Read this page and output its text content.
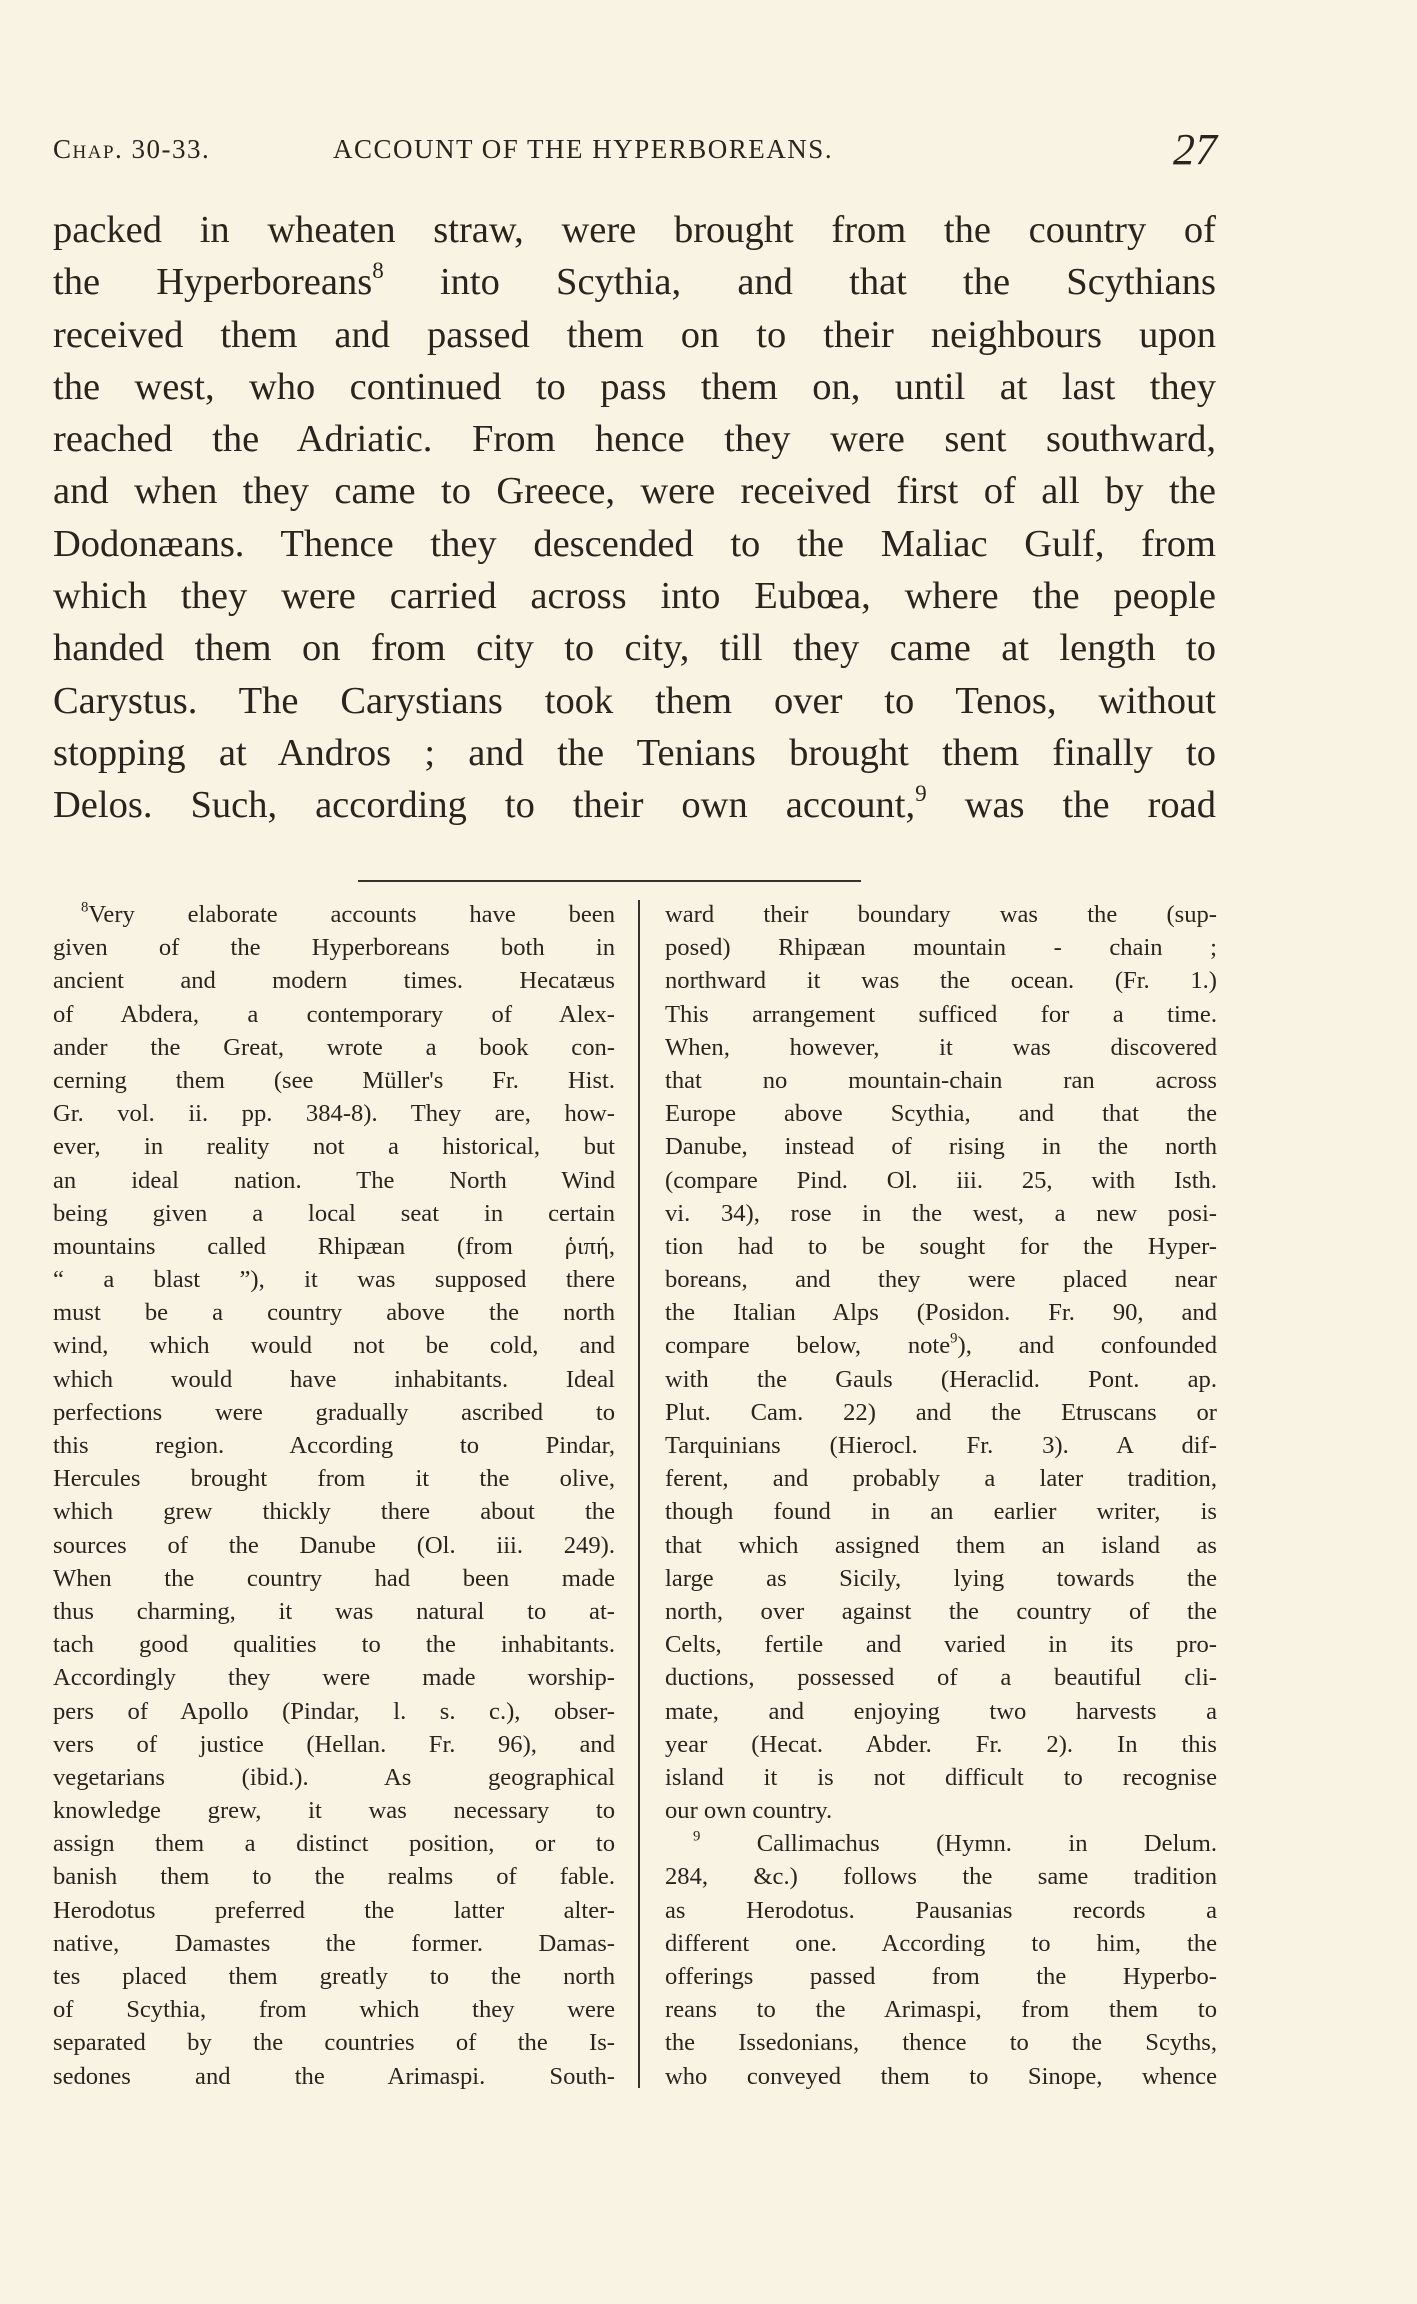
Chap. 30-33.	ACCOUNT OF THE HYPERBOREANS.	27
packed in wheaten straw, were brought from the country of
the Hyperboreans$^8$ into Scythia, and that the Scythians
received them and passed them on to their neighbours upon
the west, who continued to pass them on, until at last they
reached the Adriatic. From hence they were sent southward,
and when they came to Greece, were received first of all by the
Dodonæans. Thence they descended to the Maliac Gulf, from
which they were carried across into Eubœa, where the people
handed them on from city to city, till they came at length to
Carystus. The Carystians took them over to Tenos, without
stopping at Andros ; and the Tenians brought them finally to
Delos. Such, according to their own account,$^9$ was the road
$^8$Very elaborate accounts have been
given of the Hyperboreans both in
ancient and modern times. Hecatæus
of Abdera, a contemporary of Alex-
ander the Great, wrote a book con-
cerning them (see Müller's Fr. Hist.
Gr. vol. ii. pp. 384-8). They are, how-
ever, in reality not a historical, but
an ideal nation. The North Wind
being given a local seat in certain
mountains called Rhipæan (from ῥιπή,
“ a blast ”), it was supposed there
must be a country above the north
wind, which would not be cold, and
which would have inhabitants. Ideal
perfections were gradually ascribed to
this region. According to Pindar,
Hercules brought from it the olive,
which grew thickly there about the
sources of the Danube (Ol. iii. 249).
When the country had been made
thus charming, it was natural to at-
tach good qualities to the inhabitants.
Accordingly they were made worship-
pers of Apollo (Pindar, l. s. c.), obser-
vers of justice (Hellan. Fr. 96), and
vegetarians (ibid.). As geographical
knowledge grew, it was necessary to
assign them a distinct position, or to
banish them to the realms of fable.
Herodotus preferred the latter alter-
native, Damastes the former. Damas-
tes placed them greatly to the north
of Scythia, from which they were
separated by the countries of the Is-
sedones and the Arimaspi. South-
ward their boundary was the (sup-
posed) Rhipæan mountain - chain ;
northward it was the ocean. (Fr. 1.)
This arrangement sufficed for a time.
When, however, it was discovered
that no mountain-chain ran across
Europe above Scythia, and that the
Danube, instead of rising in the north
(compare Pind. Ol. iii. 25, with Isth.
vi. 34), rose in the west, a new posi-
tion had to be sought for the Hyper-
boreans, and they were placed near
the Italian Alps (Posidon. Fr. 90, and
compare below, note$^9$), and confounded
with the Gauls (Heraclid. Pont. ap.
Plut. Cam. 22) and the Etruscans or
Tarquinians (Hierocl. Fr. 3). A dif-
ferent, and probably a later tradition,
though found in an earlier writer, is
that which assigned them an island as
large as Sicily, lying towards the
north, over against the country of the
Celts, fertile and varied in its pro-
ductions, possessed of a beautiful cli-
mate, and enjoying two harvests a
year (Hecat. Abder. Fr. 2). In this
island it is not difficult to recognise
our own country.
$^9$ Callimachus (Hymn. in Delum.
284, &c.) follows the same tradition
as Herodotus. Pausanias records a
different one. According to him, the
offerings passed from the Hyperbo-
reans to the Arimaspi, from them to
the Issedonians, thence to the Scyths,
who conveyed them to Sinope, whence
